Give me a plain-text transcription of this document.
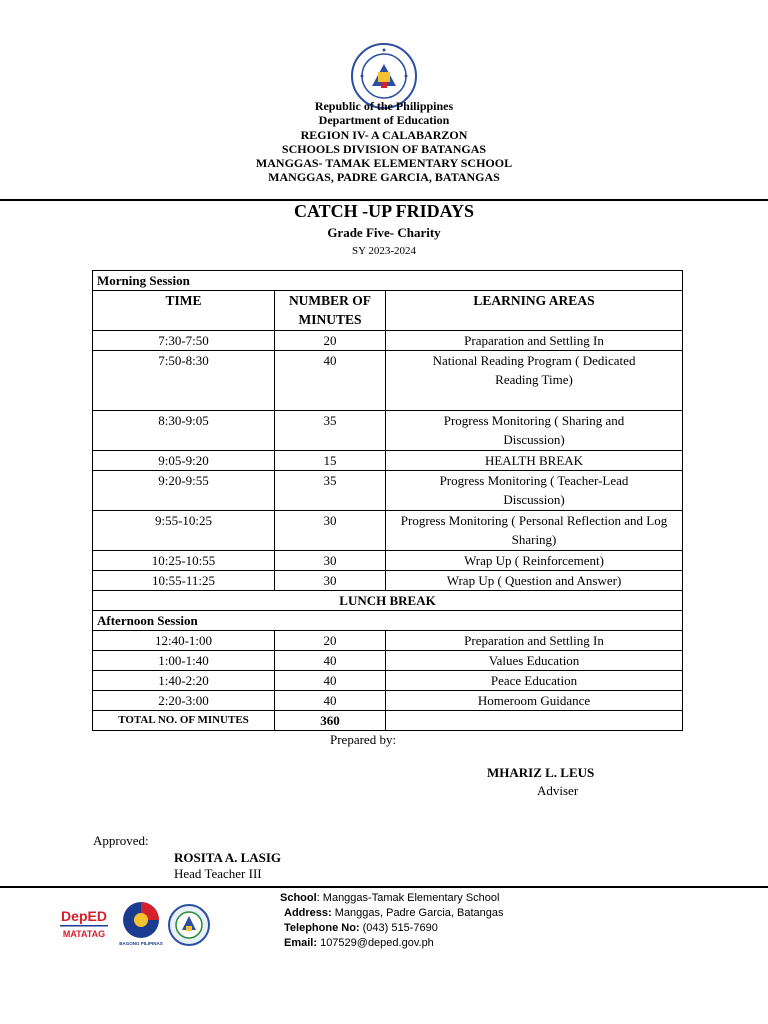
Republic of the Philippines
Department of Education
REGION IV- A CALABARZON
SCHOOLS DIVISION OF BATANGAS
MANGGAS- TAMAK ELEMENTARY SCHOOL
MANGGAS, PADRE GARCIA, BATANGAS
CATCH -UP FRIDAYS
Grade Five- Charity
SY 2023-2024
Morning Session		
TIME	NUMBER OF MINUTES	LEARNING AREAS
7:30-7:50	20	Praparation and Settling In
7:50-8:30	40	National Reading Program ( Dedicated Reading Time)
8:30-9:05	35	Progress Monitoring ( Sharing and Discussion)
9:05-9:20	15	HEALTH BREAK
9:20-9:55	35	Progress Monitoring ( Teacher-Lead Discussion)
9:55-10:25	30	Progress Monitoring ( Personal Reflection and Log Sharing)
10:25-10:55	30	Wrap Up ( Reinforcement)
10:55-11:25	30	Wrap Up ( Question and Answer)
LUNCH BREAK		
Afternoon Session		
12:40-1:00	20	Preparation and Settling In
1:00-1:40	40	Values Education
1:40-2:20	40	Peace Education
2:20-3:00	40	Homeroom Guidance
TOTAL NO. OF MINUTES	360	
Prepared by:
MHARIZ L. LEUS
Adviser
Approved:
ROSITA A. LASIG
Head Teacher III
DepED
MATATAG
BAGONG PILIPINAS
School: Manggas-Tamak Elementary School
Address: Manggas, Padre Garcia, Batangas
Telephone No: (043) 515-7690
Email: 107529@deped.gov.ph
